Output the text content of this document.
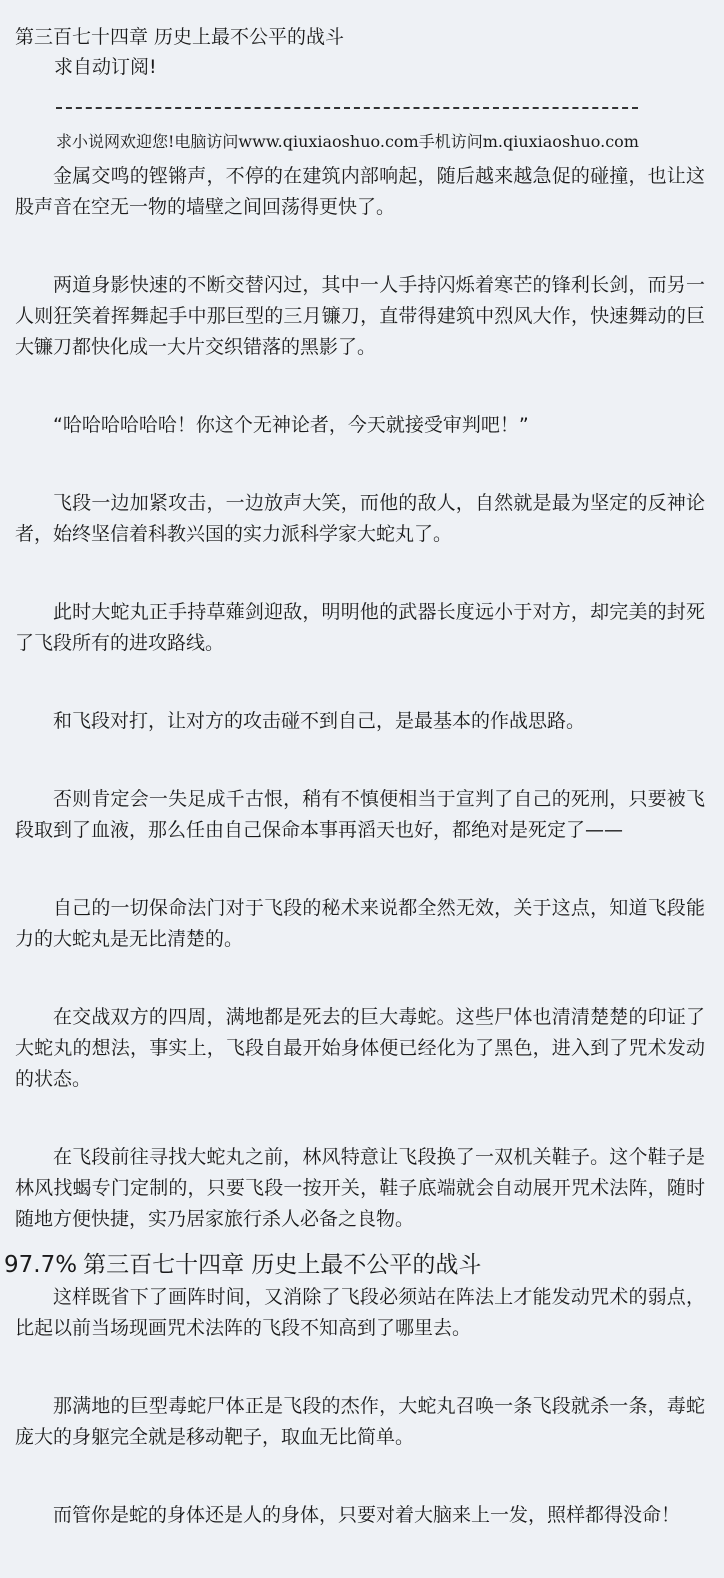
第三百七十四章 历史上最不公平的战斗
求自动订阅!
求小说网欢迎您!电脑访问www.qiuxiaoshuo.com手机访问m.qiuxiaoshuo.com

金属交鸣的铿锵声，不停的在建筑内部响起，随后越来越急促的碰撞，也让这股声音在空无一物的墙壁之间回荡得更快了。

两道身影快速的不断交替闪过，其中一人手持闪烁着寒芒的锋利长剑，而另一人则狂笑着挥舞起手中那巨型的三月镰刀，直带得建筑中烈风大作，快速舞动的巨大镰刀都快化成一大片交织错落的黑影了。

“哈哈哈哈哈哈！你这个无神论者，今天就接受审判吧！”

飞段一边加紧攻击，一边放声大笑，而他的敌人，自然就是最为坚定的反神论者，始终坚信着科教兴国的实力派科学家大蛇丸了。

此时大蛇丸正手持草薙剑迎敌，明明他的武器长度远小于对方，却完美的封死了飞段所有的进攻路线。

和飞段对打，让对方的攻击碰不到自己，是最基本的作战思路。

否则肯定会一失足成千古恨，稍有不慎便相当于宣判了自己的死刑，只要被飞段取到了血液，那么任由自己保命本事再滔天也好，都绝对是死定了——

自己的一切保命法门对于飞段的秘术来说都全然无效，关于这点，知道飞段能力的大蛇丸是无比清楚的。

在交战双方的四周，满地都是死去的巨大毒蛇。这些尸体也清清楚楚的印证了大蛇丸的想法，事实上，飞段自最开始身体便已经化为了黑色，进入到了咒术发动的状态。

在飞段前往寻找大蛇丸之前，林风特意让飞段换了一双机关鞋子。这个鞋子是林风找蝎专门定制的，只要飞段一按开关，鞋子底端就会自动展开咒术法阵，随时随地方便快捷，实乃居家旅行杀人必备之良物。

这样既省下了画阵时间，又消除了飞段必须站在阵法上才能发动咒术的弱点，比起以前当场现画咒术法阵的飞段不知高到了哪里去。

那满地的巨型毒蛇尸体正是飞段的杰作，大蛇丸召唤一条飞段就杀一条，毒蛇庞大的身躯完全就是移动靶子，取血无比简单。

而管你是蛇的身体还是人的身体，只要对着大脑来上一发，照样都得没命！

97.7% 第三百七十四章 历史上最不公平的战斗
